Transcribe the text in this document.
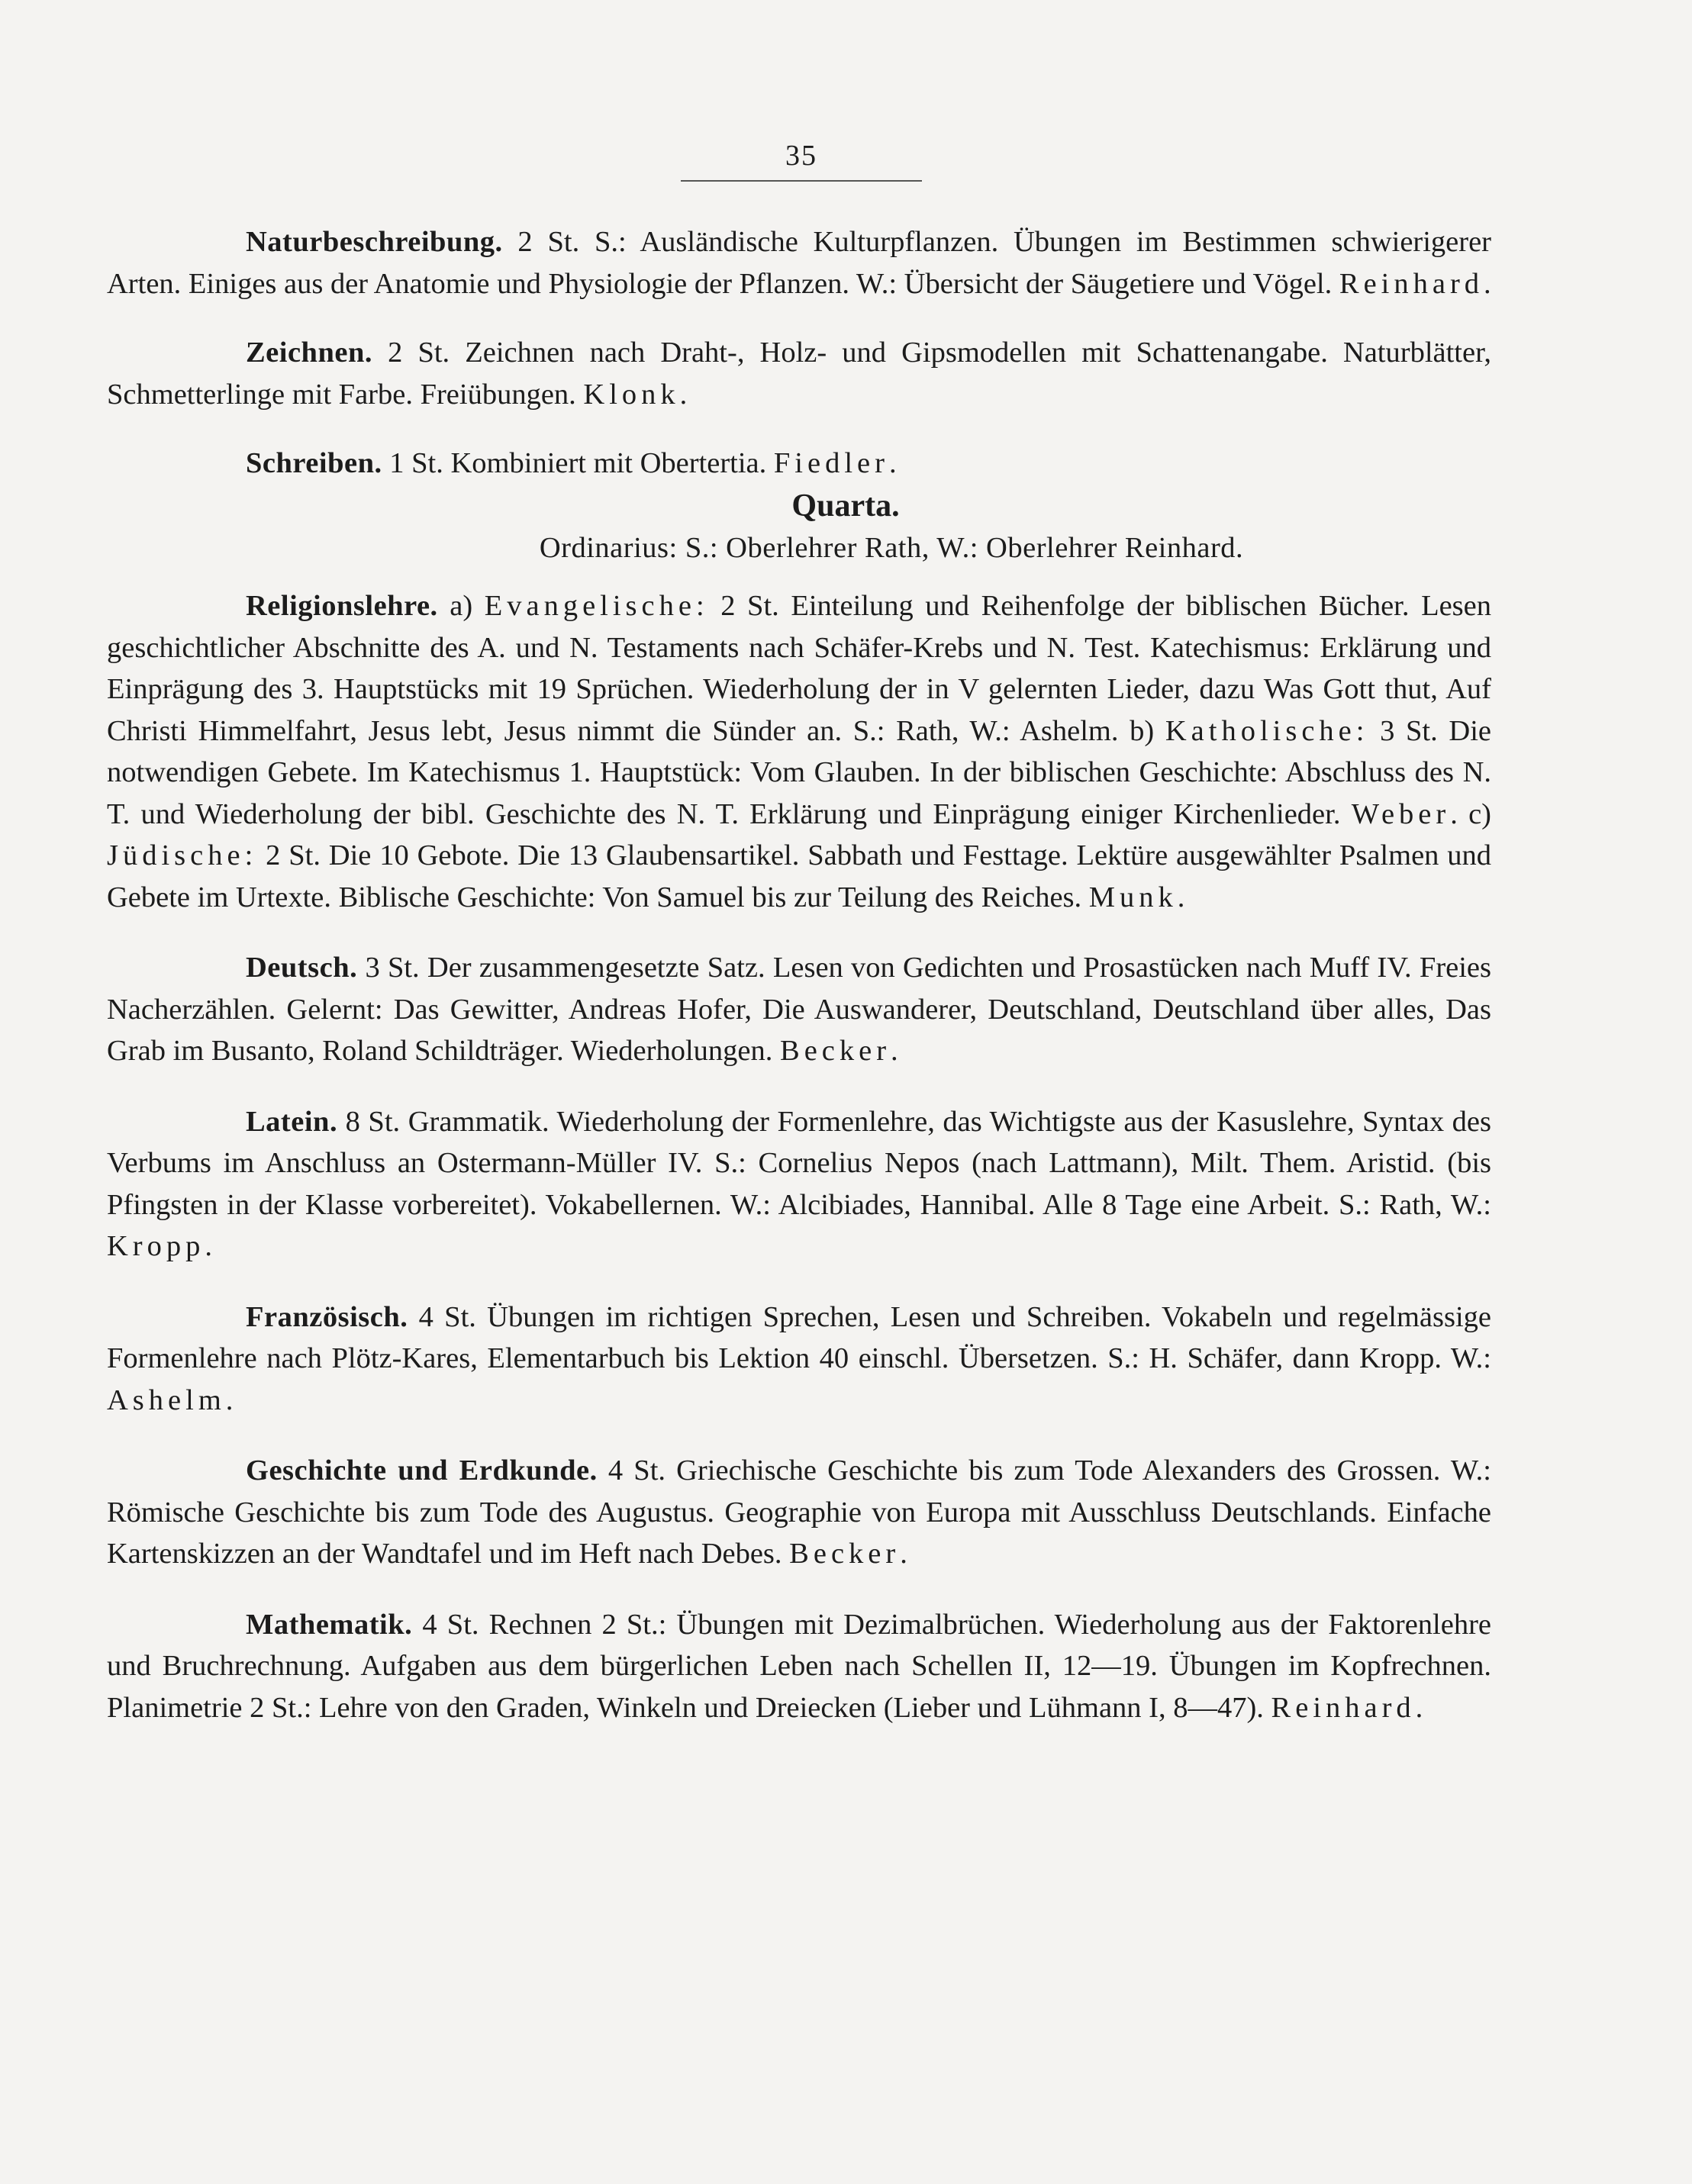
35

Naturbeschreibung. 2 St. S.: Ausländische Kulturpflanzen. Übungen im Bestimmen schwierigerer Arten. Einiges aus der Anatomie und Physiologie der Pflanzen. W.: Übersicht der Säugetiere und Vögel. Reinhard.

Zeichnen. 2 St. Zeichnen nach Draht-, Holz- und Gipsmodellen mit Schattenangabe. Naturblätter, Schmetterlinge mit Farbe. Freiübungen. Klonk.

Schreiben. 1 St. Kombiniert mit Obertertia. Fiedler.

Quarta.

Ordinarius: S.: Oberlehrer Rath, W.: Oberlehrer Reinhard.

Religionslehre. a) Evangelische: 2 St. Einteilung und Reihenfolge der biblischen Bücher. Lesen geschichtlicher Abschnitte des A. und N. Testaments nach Schäfer-Krebs und N. Test. Katechismus: Erklärung und Einprägung des 3. Hauptstücks mit 19 Sprüchen. Wiederholung der in V gelernten Lieder, dazu Was Gott thut, Auf Christi Himmelfahrt, Jesus lebt, Jesus nimmt die Sünder an. S.: Rath, W.: Ashelm. b) Katholische: 3 St. Die notwendigen Gebete. Im Katechismus 1. Hauptstück: Vom Glauben. In der biblischen Geschichte: Abschluss des N. T. und Wiederholung der bibl. Geschichte des N. T. Erklärung und Einprägung einiger Kirchenlieder. Weber. c) Jüdische: 2 St. Die 10 Gebote. Die 13 Glaubensartikel. Sabbath und Festtage. Lektüre ausgewählter Psalmen und Gebete im Urtexte. Biblische Geschichte: Von Samuel bis zur Teilung des Reiches. Munk.

Deutsch. 3 St. Der zusammengesetzte Satz. Lesen von Gedichten und Prosastücken nach Muff IV. Freies Nacherzählen. Gelernt: Das Gewitter, Andreas Hofer, Die Auswanderer, Deutschland, Deutschland über alles, Das Grab im Busanto, Roland Schildträger. Wiederholungen. Becker.

Latein. 8 St. Grammatik. Wiederholung der Formenlehre, das Wichtigste aus der Kasuslehre, Syntax des Verbums im Anschluss an Ostermann-Müller IV. S.: Cornelius Nepos (nach Lattmann), Milt. Them. Aristid. (bis Pfingsten in der Klasse vorbereitet). Vokabellernen. W.: Alcibiades, Hannibal. Alle 8 Tage eine Arbeit. S.: Rath, W.: Kropp.

Französisch. 4 St. Übungen im richtigen Sprechen, Lesen und Schreiben. Vokabeln und regelmässige Formenlehre nach Plötz-Kares, Elementarbuch bis Lektion 40 einschl. Übersetzen. S.: H. Schäfer, dann Kropp. W.: Ashelm.

Geschichte und Erdkunde. 4 St. Griechische Geschichte bis zum Tode Alexanders des Grossen. W.: Römische Geschichte bis zum Tode des Augustus. Geographie von Europa mit Ausschluss Deutschlands. Einfache Kartenskizzen an der Wandtafel und im Heft nach Debes. Becker.

Mathematik. 4 St. Rechnen 2 St.: Übungen mit Dezimalbrüchen. Wiederholung aus der Faktorenlehre und Bruchrechnung. Aufgaben aus dem bürgerlichen Leben nach Schellen II, 12—19. Übungen im Kopfrechnen. Planimetrie 2 St.: Lehre von den Graden, Winkeln und Dreiecken (Lieber und Lühmann I, 8—47). Reinhard.
